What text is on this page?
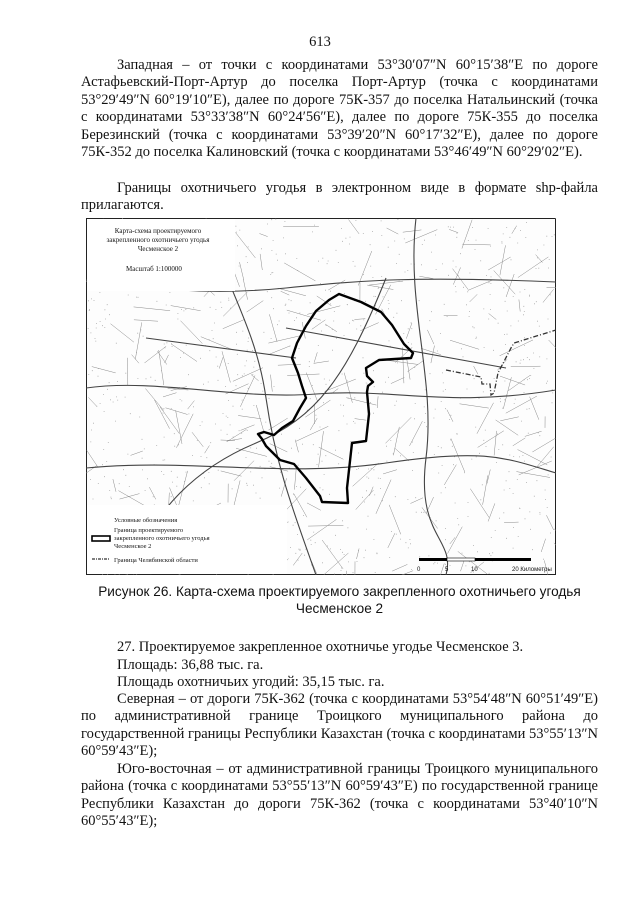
613

Западная – от точки с координатами 53°30′07″N 60°15′38″E по дороге Астафьевский-Порт-Артур до поселка Порт-Артур (точка с координатами 53°29′49″N 60°19′10″E), далее по дороге 75К-357 до поселка Натальинский (точка с координатами 53°33′38″N 60°24′56″E), далее по дороге 75К-355 до поселка Березинский (точка с координатами 53°39′20″N 60°17′32″E), далее по дороге 75К-352 до поселка Калиновский (точка с координатами 53°46′49″N 60°29′02″E).

Границы охотничьего угодья в электронном виде в формате shp-файла прилагаются.

Карта-схема проектируемого
закрепленного охотничьего угодья
Чесменское 2
Масштаб 1:100000
Условные обозначения
Граница проектируемого
закрепленного охотничьего угодья
Чесменское 2
Граница Челябинской области
0	5	10	20 Километры
Рисунок 26. Карта-схема проектируемого закрепленного охотничьего угодья
Чесменское 2

27. Проектируемое закрепленное охотничье угодье Чесменское 3.

Площадь: 36,88 тыс. га.

Площадь охотничьих угодий: 35,15 тыс. га.

Северная – от дороги 75К-362 (точка с координатами 53°54′48″N 60°51′49″E) по административной границе Троицкого муниципального района до государственной границы Республики Казахстан (точка с координатами 53°55′13″N 60°59′43″E);

Юго-восточная – от административной границы Троицкого муниципального района (точка с координатами 53°55′13″N 60°59′43″E) по государственной границе Республики Казахстан до дороги 75К-362 (точка с координатами 53°40′10″N 60°55′43″E);
